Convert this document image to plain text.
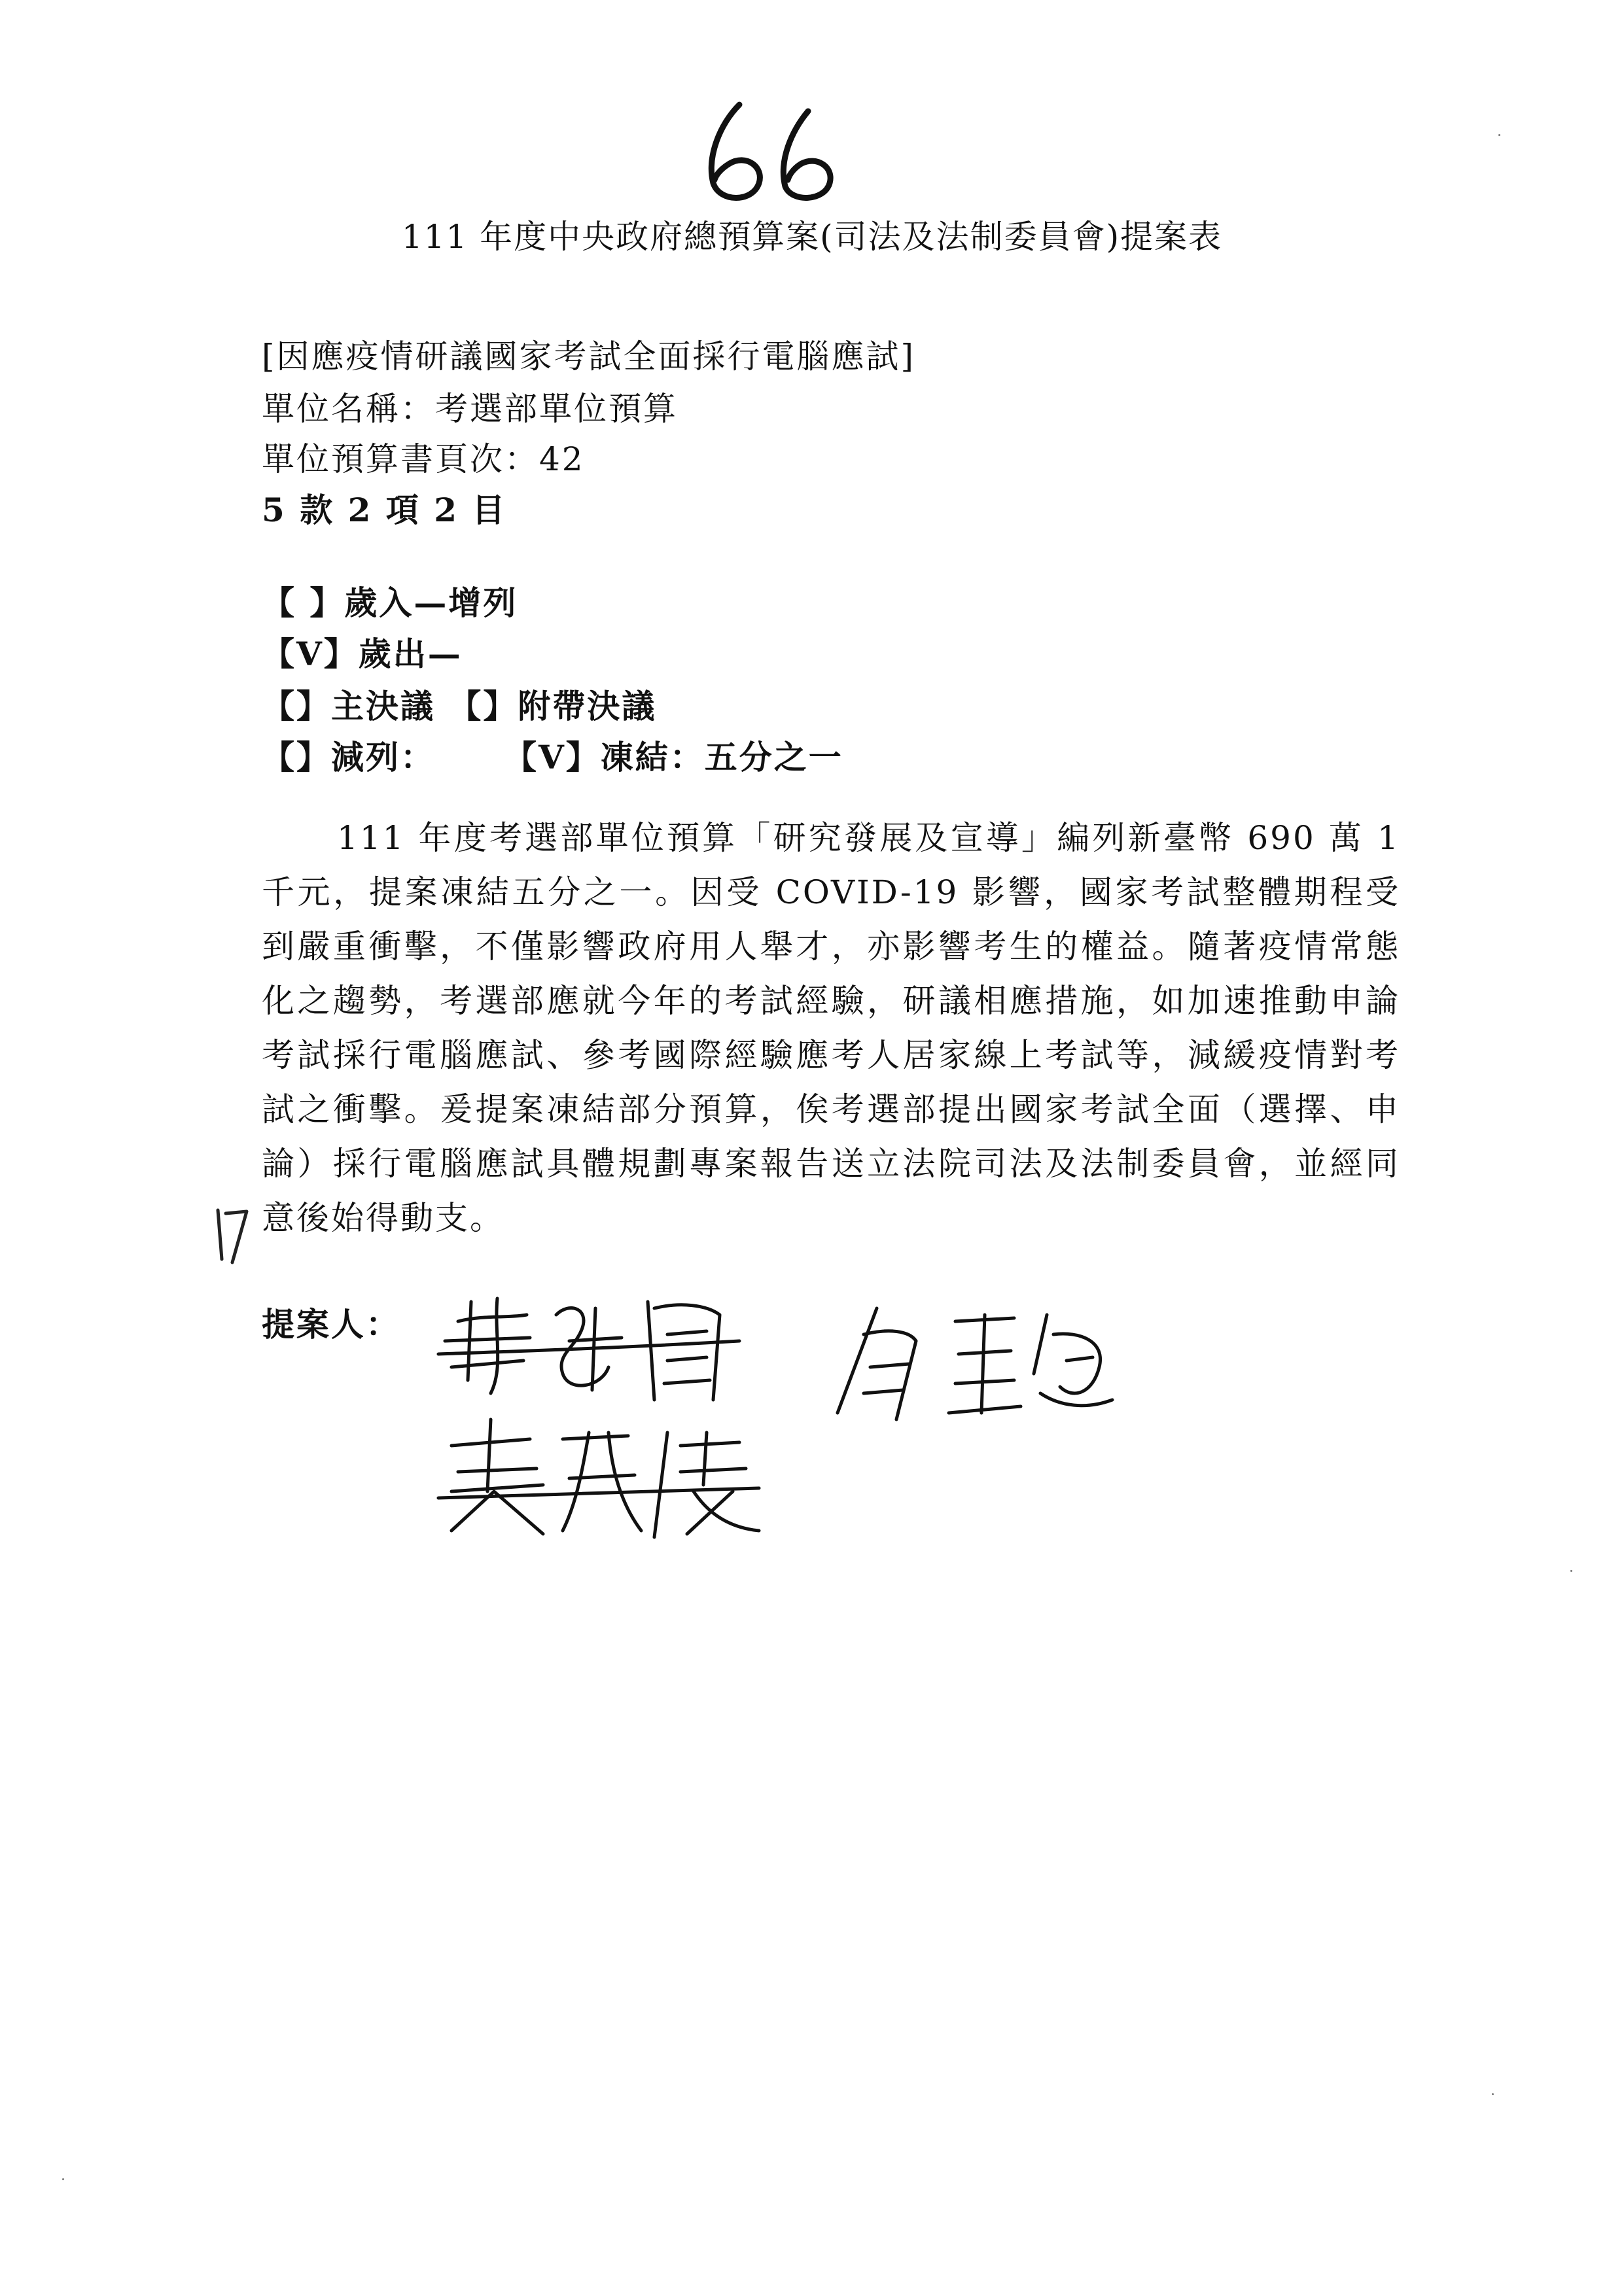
111 年度中央政府總預算案(司法及法制委員會)提案表
[因應疫情研議國家考試全面採行電腦應試]
單位名稱：考選部單位預算
單位預算書頁次：42
5 款 2 項 2 目
【 】歲入—增列
【V】歲出—
【】主決議 【】附帶決議
【】減列： 【V】凍結：五分之一
111 年度考選部單位預算「研究發展及宣導」編列新臺幣 690 萬 1 千元，提案凍結五分之一。因受 COVID-19 影響，國家考試整體期程受到嚴重衝擊，不僅影響政府用人舉才，亦影響考生的權益。隨著疫情常態化之趨勢，考選部應就今年的考試經驗，研議相應措施，如加速推動申論考試採行電腦應試、參考國際經驗應考人居家線上考試等，減緩疫情對考試之衝擊。爰提案凍結部分預算，俟考選部提出國家考試全面（選擇、申論）採行電腦應試具體規劃專案報告送立法院司法及法制委員會，並經同意後始得動支。
提案人：
